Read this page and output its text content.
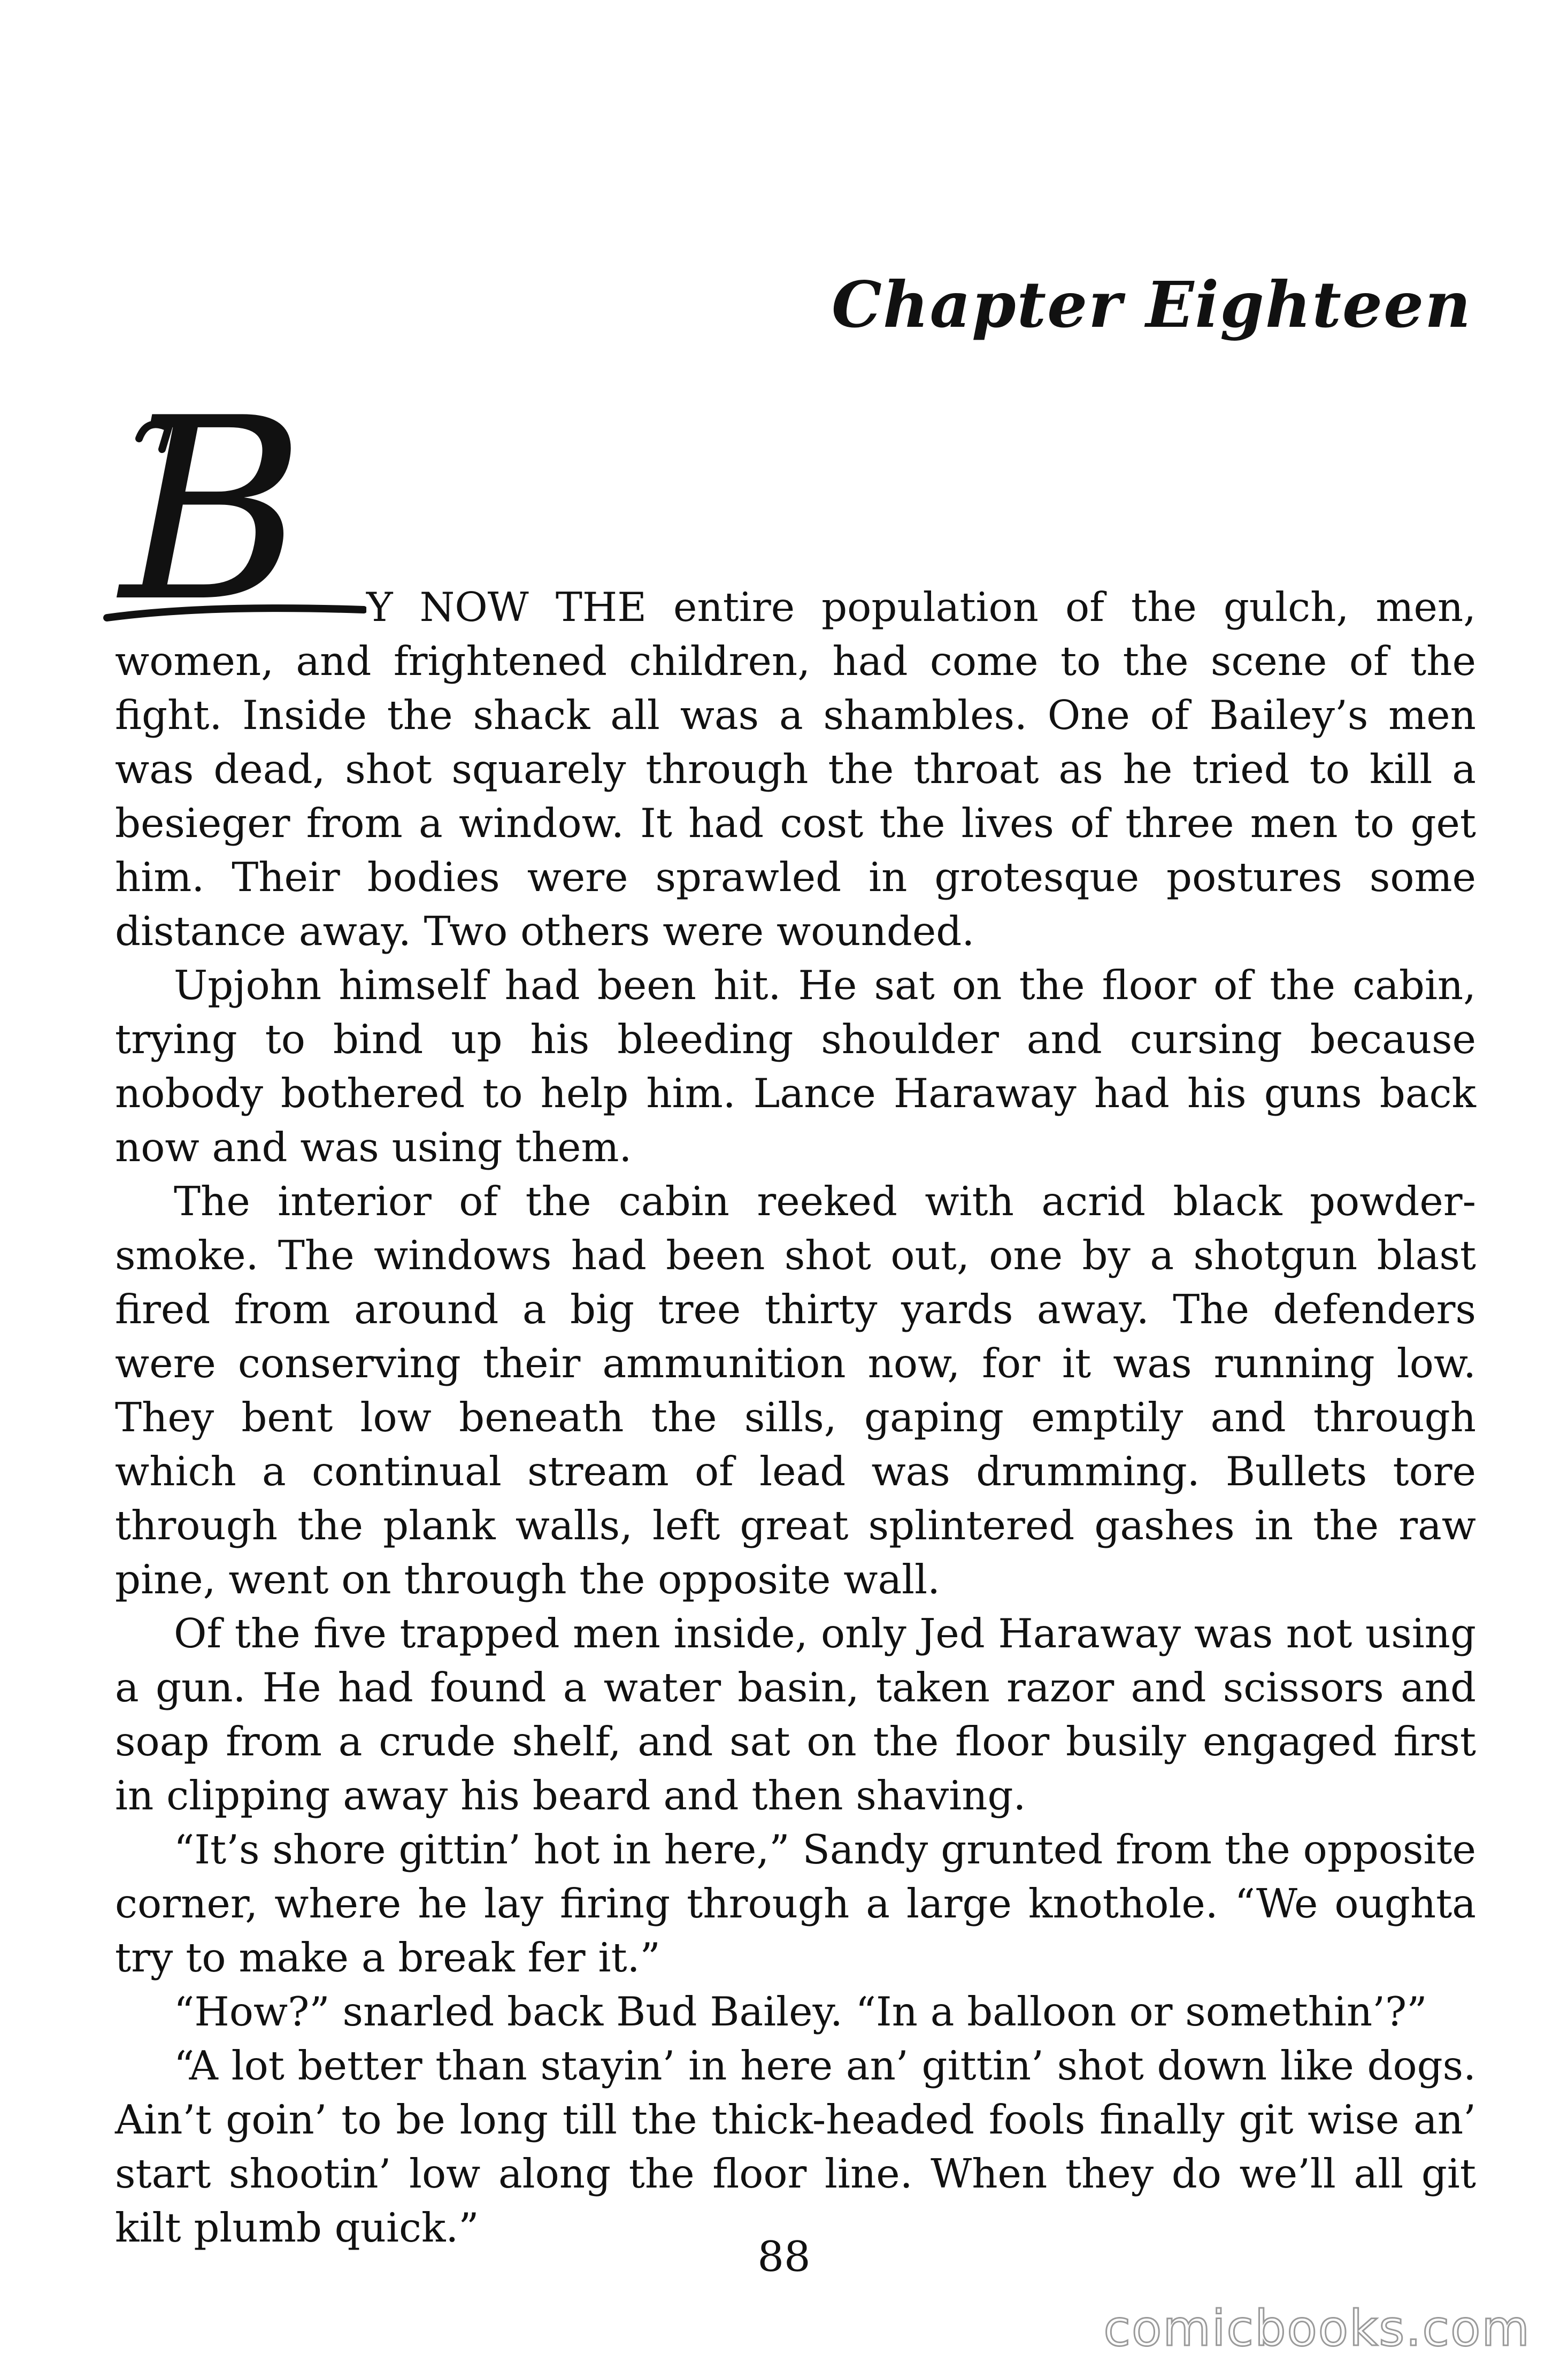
Chapter Eighteen
B	Y NOW THE entire population of the gulch, men, women, and frightened children, had come to the scene of the fight. Inside the shack all was a shambles. One of Bailey’s men was dead, shot squarely through the throat as he tried to kill a besieger from a window. It had cost the lives of three men to get him. Their bodies were sprawled in grotesque postures some distance away. Two others were wounded.

Upjohn himself had been hit. He sat on the floor of the cabin, trying to bind up his bleeding shoulder and cursing because nobody bothered to help him. Lance Haraway had his guns back now and was using them.

The interior of the cabin reeked with acrid black powder-smoke. The windows had been shot out, one by a shotgun blast fired from around a big tree thirty yards away. The defenders were conserving their ammunition now, for it was running low. They bent low beneath the sills, gaping emptily and through which a continual stream of lead was drumming. Bullets tore through the plank walls, left great splintered gashes in the raw pine, went on through the opposite wall.

Of the five trapped men inside, only Jed Haraway was not using a gun. He had found a water basin, taken razor and scissors and soap from a crude shelf, and sat on the floor busily engaged first in clipping away his beard and then shaving.

“It’s shore gittin’ hot in here,” Sandy grunted from the opposite corner, where he lay firing through a large knothole. “We oughta try to make a break fer it.”

“How?” snarled back Bud Bailey. “In a balloon or somethin’?”

“A lot better than stayin’ in here an’ gittin’ shot down like dogs. Ain’t goin’ to be long till the thick-headed fools finally git wise an’ start shootin’ low along the floor line. When they do we’ll all git kilt plumb quick.”

88
comicbooks.com
